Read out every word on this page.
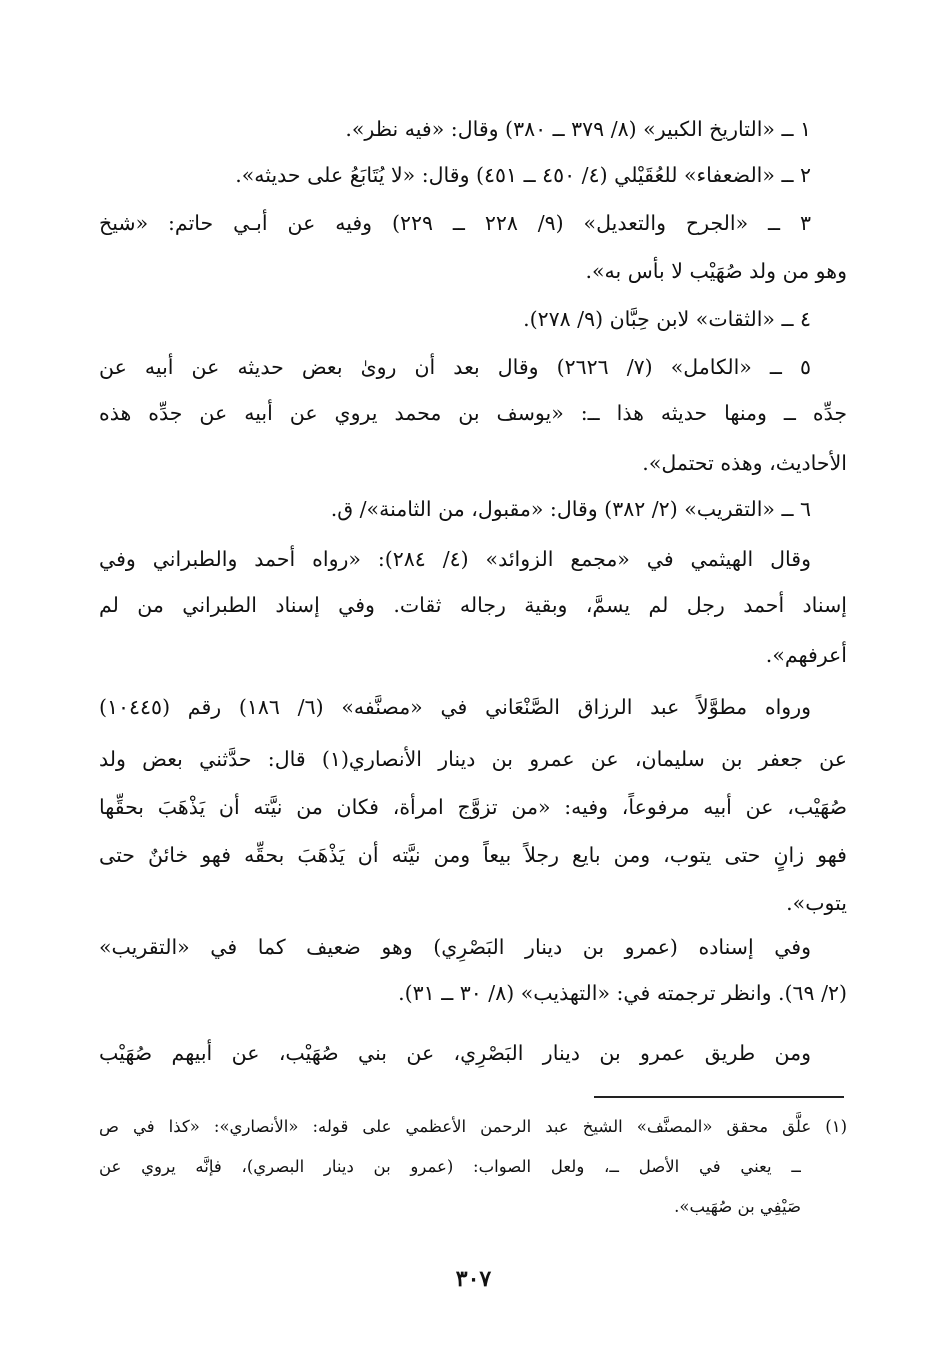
١ ــ «التاريخ الكبير» (٨/ ٣٧٩ ــ ٣٨٠) وقال: «فيه نظر».
٢ ــ «الضعفاء» للعُقَيْلي (٤/ ٤٥٠ ــ ٤٥١) وقال: «لا يُتَابَعُ على حديثه».
٣ ــ «الجرح والتعديل» (٩/ ٢٢٨ ــ ٢٢٩) وفيه عن أبـي حاتم: «شيخ
وهو من ولد صُهَيْب لا بأس به».
٤ ــ «الثقات» لابن حِبَّان (٩/ ٢٧٨).
٥ ــ «الكامل» (٧/ ٢٦٢٦) وقال بعد أن روىٰ بعض حديثه عن أبيه عن
جدِّه ــ ومنها حديثه هذا ــ: «يوسف بن محمد يروي عن أبيه عن جدِّه هذه
الأحاديث، وهذه تحتمل».
٦ ــ «التقريب» (٢/ ٣٨٢) وقال: «مقبول، من الثامنة»/ ق.
وقال الهيثمي في «مجمع الزوائد» (٤/ ٢٨٤): «رواه أحمد والطبراني وفي
إسناد أحمد رجل لم يسمَّ، وبقية رجاله ثقات. وفي إسناد الطبراني من لم
أعرفهم».
ورواه مطوَّلاً عبد الرزاق الصَّنْعَاني في «مصنَّفه» (٦/ ١٨٦) رقم (١٠٤٤٥)
عن جعفر بن سليمان، عن عمرو بن دينار الأنصاري(١) قال: حدَّثني بعض ولد
صُهَيْب، عن أبيه مرفوعاً، وفيه: «من تزوَّج امرأة، فكان من نيَّته أن يَذْهَبَ بحقِّها
فهو زانٍ حتى يتوب، ومن بايع رجلاً بيعاً ومن نيَّته أن يَذْهَبَ بحقِّه فهو خائنٌ حتى
يتوب».
وفي إسناده (عمرو بن دينار البَصْرِي) وهو ضعيف كما في «التقريب»
(٢/ ٦٩). وانظر ترجمته في: «التهذيب» (٨/ ٣٠ ــ ٣١).
ومن طريق عمرو بن دينار البَصْرِي، عن بني صُهَيْب، عن أبيهم صُهَيْب
(١) علَّق محقق «المصنَّف» الشيخ عبد الرحمن الأعظمي على قوله: «الأنصاري»: «كذا في ص
ــ يعني في الأصل ــ، ولعل الصواب: (عمرو بن دينار البصري)، فإنَّه يروي عن
صَيْفِي بن صُهَيب».
٣٠٧
